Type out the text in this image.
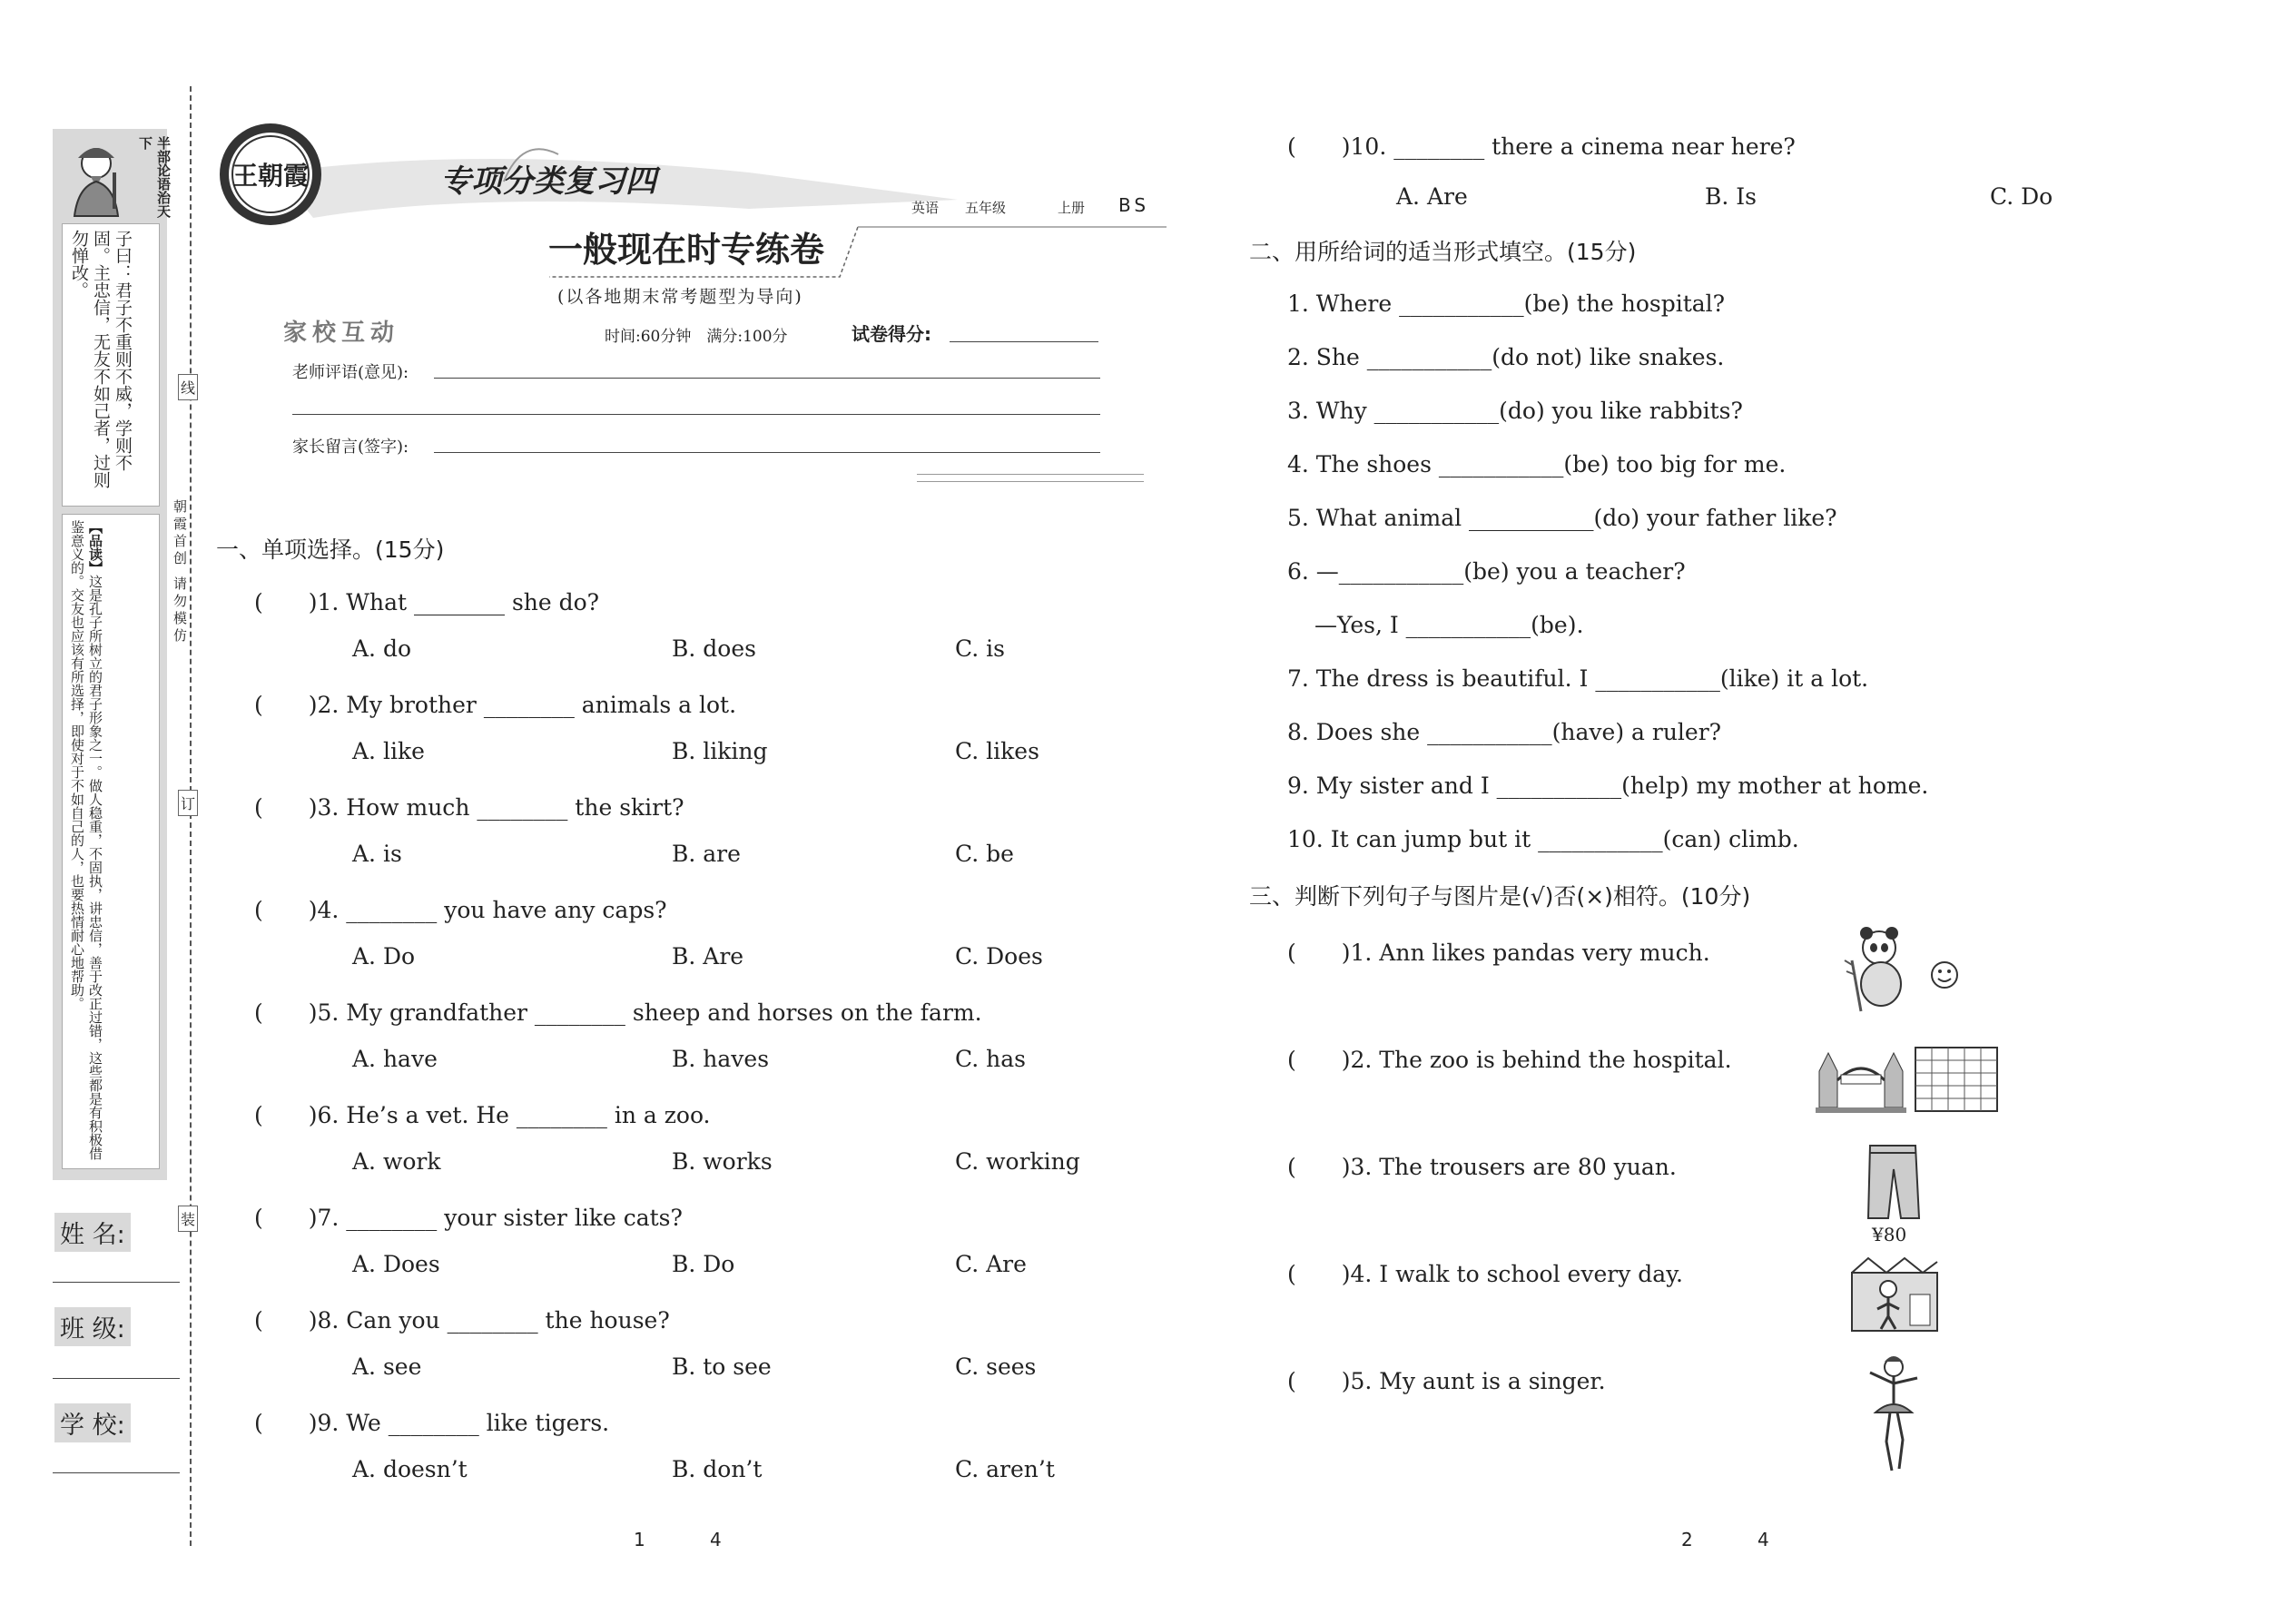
半部论语治天下
子曰：君子不重则不威，学则不固。主忠信，无友不如己者，过则勿惮改。
【品读】这是孔子所树立的君子形象之一。做人稳重，不固执，讲忠信，善于改正过错，这些都是有积极借鉴意义的。交友也应该有所选择，即使对于不如自己的人，也要热情耐心地帮助。
线
订
装
朝霞首创 请勿模仿
姓 名:
班 级:
学 校:
王朝霞	专项分类复习四
英语 五年级	上册 BS
一般现在时专练卷
(以各地期末常考题型为导向)
家校互动	时间:60分钟　满分:100分	试卷得分:
老师评语(意见):
家长留言(签字):
一、单项选择。(15分)
(　　)1. What ________ she do?
A. do	B. does	C. is
(　　)2. My brother ________ animals a lot.
A. like	B. liking	C. likes
(　　)3. How much ________ the skirt?
A. is	B. are	C. be
(　　)4. ________ you have any caps?
A. Do	B. Are	C. Does
(　　)5. My grandfather ________ sheep and horses on the farm.
A. have	B. haves	C. has
(　　)6. He’s a vet. He ________ in a zoo.
A. work	B. works	C. working
(　　)7. ________ your sister like cats?
A. Does	B. Do	C. Are
(　　)8. Can you ________ the house?
A. see	B. to see	C. sees
(　　)9. We ________ like tigers.
A. doesn’t	B. don’t	C. aren’t
1	4
(　　)10. ________ there a cinema near here?
A. Are	B. Is	C. Do
二、用所给词的适当形式填空。(15分)
1. Where ___________(be) the hospital?
2. She ___________(do not) like snakes.
3. Why ___________(do) you like rabbits?
4. The shoes ___________(be) too big for me.
5. What animal ___________(do) your father like?
6. —___________(be) you a teacher?
—Yes, I ___________(be).
7. The dress is beautiful. I ___________(like) it a lot.
8. Does she ___________(have) a ruler?
9. My sister and I ___________(help) my mother at home.
10. It can jump but it ___________(can) climb.
三、判断下列句子与图片是(√)否(×)相符。(10分)
(　　)1. Ann likes pandas very much.
(　　)2. The zoo is behind the hospital.
(　　)3. The trousers are 80 yuan.
¥80
(　　)4. I walk to school every day.
(　　)5. My aunt is a singer.
2	4
